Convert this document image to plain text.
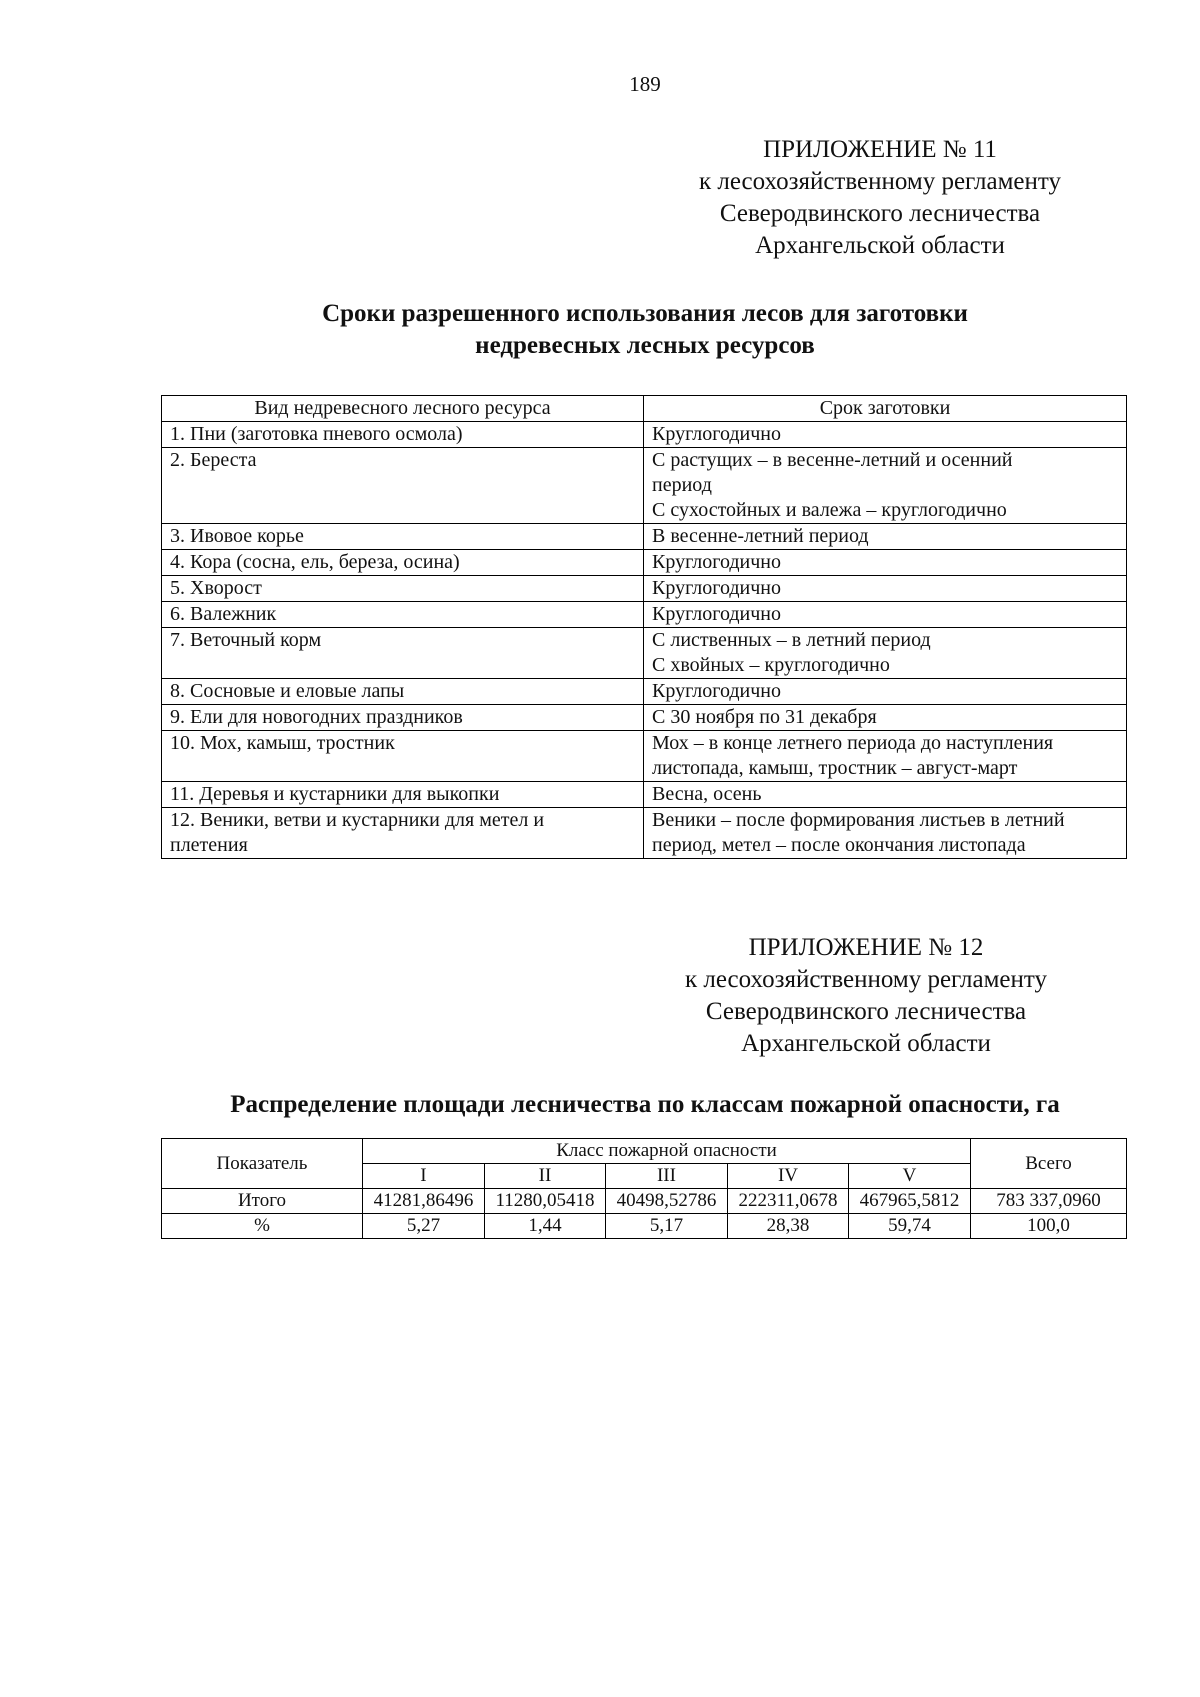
189
ПРИЛОЖЕНИЕ № 11
к лесохозяйственному регламенту
Северодвинского лесничества
Архангельской области
Сроки разрешенного использования лесов для заготовки
недревесных лесных ресурсов
Вид недревесного лесного ресурса	Срок заготовки

1. Пни (заготовка пневого осмола)	Круглогодично

2. Береста	С растущих – в весенне-летний и осенний
период
С сухостойных и валежа – круглогодично

3. Ивовое корье	В весенне-летний период

4. Кора (сосна, ель, береза, осина)	Круглогодично

5. Хворост	Круглогодично

6. Валежник	Круглогодично

7. Веточный корм	С лиственных – в летний период
С хвойных – круглогодично

8. Сосновые и еловые лапы	Круглогодично

9. Ели для новогодних праздников	С 30 ноября по 31 декабря

10. Мох, камыш, тростник	Мох – в конце летнего периода до наступления
листопада, камыш, тростник – август-март

11. Деревья и кустарники для выкопки	Весна, осень

12. Веники, ветви и кустарники для метел и
плетения	Веники – после формирования листьев в летний
период, метел – после окончания листопада
ПРИЛОЖЕНИЕ № 12
к лесохозяйственному регламенту
Северодвинского лесничества
Архангельской области
Распределение площади лесничества по классам пожарной опасности, га
Показатель	Класс пожарной опасности					Всего
	I	II	III	IV	V	
Итого	41281,86496	11280,05418	40498,52786	222311,0678	467965,5812	783 337,0960
%	5,27	1,44	5,17	28,38	59,74	100,0
